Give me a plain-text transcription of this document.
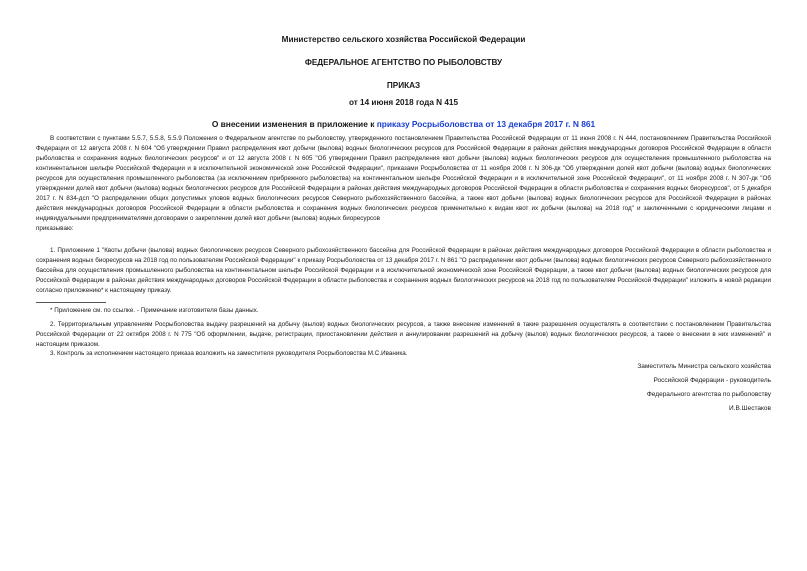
Министерство сельского хозяйства Российской Федерации
ФЕДЕРАЛЬНОЕ АГЕНТСТВО ПО РЫБОЛОВСТВУ
ПРИКАЗ
от 14 июня 2018 года N 415
О внесении изменения в приложение к приказу Росрыболовства от 13 декабря 2017 г. N 861
В соответствии с пунктами 5.5.7, 5.5.8, 5.5.9 Положения о Федеральном агентстве по рыболовству, утвержденного постановлением Правительства Российской Федерации от 11 июня 2008 г. N 444, постановлением Правительства Российской Федерации от 12 августа 2008 г. N 604 "Об утверждении Правил распределения квот добычи (вылова) водных биологических ресурсов для Российской Федерации в районах действия международных договоров Российской Федерации в области рыболовства и сохранения водных биологических ресурсов" и от 12 августа 2008 г. N 605 "Об утверждении Правил распределения квот добычи (вылова) водных биологических ресурсов для осуществления промышленного рыболовства на континентальном шельфе Российской Федерации и в исключительной экономической зоне Российской Федерации", приказами Росрыболовства от 11 ноября 2008 г. N 306-дк "Об утверждении долей квот добычи (вылова) водных биологических ресурсов для осуществления промышленного рыболовства (за исключением прибрежного рыболовства) на континентальном шельфе Российской Федерации и в исключительной зоне Российской Федерации", от 11 ноября 2008 г. N 307-дк "Об утверждении долей квот добычи (вылова) водных биологических ресурсов для Российской Федерации в районах действия международных договоров Российской Федерации в области рыболовства и сохранения водных биоресурсов", от 5 декабря 2017 г. N 834-дсп "О распределении общих допустимых уловов водных биологических ресурсов Северного рыбохозяйственного бассейна, а также квот добычи (вылова) водных биологических ресурсов для Российской Федерации в районах действия международных договоров Российской Федерации в области рыболовства и сохранения водных биологических ресурсов применительно к видам квот их добычи (вылова) на 2018 год" и заключенными с юридическими лицами и индивидуальными предпринимателями договорами о закреплении долей квот добычи (вылова) водных биоресурсов
приказываю:
1. Приложение 1 "Квоты добычи (вылова) водных биологических ресурсов Северного рыбохозяйственного бассейна для Российской Федерации в районах действия международных договоров Российской Федерации в области рыболовства и сохранения водных биоресурсов на 2018 год по пользователям Российской Федерации" к приказу Росрыболовства от 13 декабря 2017 г. N 861 "О распределении квот добычи (вылова) водных биологических ресурсов Северного рыбохозяйственного бассейна для осуществления промышленного рыболовства на континентальном шельфе Российской Федерации и в исключительной экономической зоне Российской Федерации, а также квот добычи (вылова) водных биологических ресурсов для Российской Федерации в районах действия международных договоров Российской Федерации в области рыболовства и сохранения водных биологических ресурсов на 2018 год по пользователям Российской Федерации" изложить в новой редакции согласно приложению* к настоящему приказу.
* Приложение см. по ссылке. - Примечание изготовителя базы данных.
2. Территориальным управлениям Росрыболовства выдачу разрешений на добычу (вылов) водных биологических ресурсов, а также внесение изменений в такие разрешения осуществлять в соответствии с постановлением Правительства Российской Федерации от 22 октября 2008 г. N 775 "Об оформлении, выдаче, регистрации, приостановлении действия и аннулировании разрешений на добычу (вылов) водных биологических ресурсов, а также о внесении в них изменений" и настоящим приказом.
3. Контроль за исполнением настоящего приказа возложить на заместителя руководителя Росрыболовства М.С.Иваника.
Заместитель Министра сельского хозяйства
Российской Федерации - руководитель
Федерального агентства по рыболовству
И.В.Шестаков
